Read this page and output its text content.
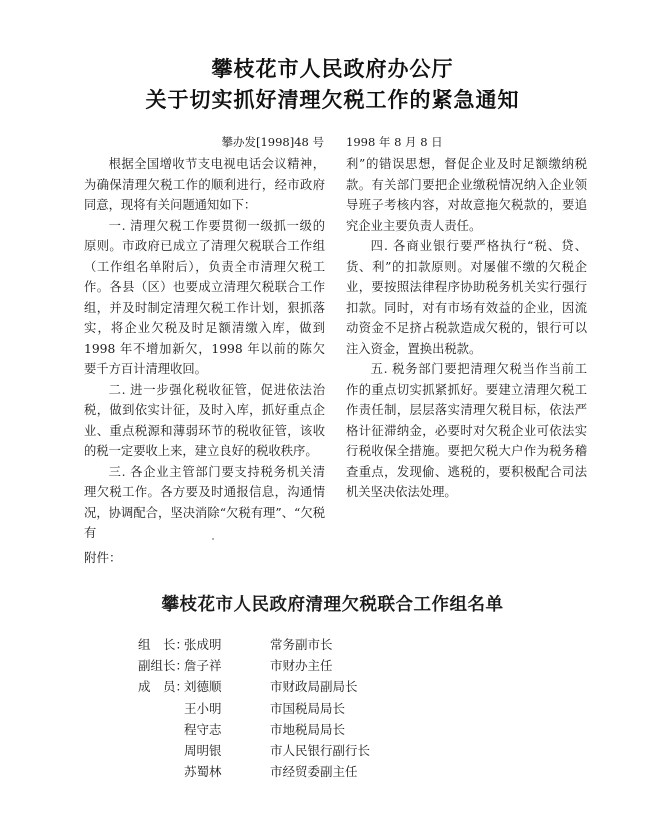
攀枝花市人民政府办公厅
关于切实抓好清理欠税工作的紧急通知
攀办发[1998]48 号 1998 年 8 月 8 日

根据全国增收节支电视电话会议精神，为确保清理欠税工作的顺利进行，经市政府同意，现将有关问题通知如下：

一. 清理欠税工作要贯彻一级抓一级的原则。市政府已成立了清理欠税联合工作组（工作组名单附后），负责全市清理欠税工作。各县（区）也要成立清理欠税联合工作组，并及时制定清理欠税工作计划，狠抓落实，将企业欠税及时足额清缴入库，做到 1998 年不增加新欠，1998 年以前的陈欠要千方百计清理收回。

二. 进一步强化税收征管，促进依法治税，做到依实计征，及时入库，抓好重点企业、重点税源和薄弱环节的税收征管，该收的税一定要收上来，建立良好的税收秩序。

三. 各企业主管部门要支持税务机关清理欠税工作。各方要及时通报信息，沟通情况，协调配合，坚决消除“欠税有理”、“欠税有

利”的错误思想，督促企业及时足额缴纳税款。有关部门要把企业缴税情况纳入企业领导班子考核内容，对故意拖欠税款的，要追究企业主要负责人责任。

四. 各商业银行要严格执行“税、贷、货、利”的扣款原则。对屡催不缴的欠税企业，要按照法律程序协助税务机关实行强行扣款。同时，对有市场有效益的企业，因流动资金不足挤占税款造成欠税的，银行可以注入资金，置换出税款。

五. 税务部门要把清理欠税当作当前工作的重点切实抓紧抓好。要建立清理欠税工作责任制，层层落实清理欠税目标，依法严格计征滞纳金，必要时对欠税企业可依法实行税收保全措施。要把欠税大户作为税务稽查重点，发现偷、逃税的，要积极配合司法机关坚决依法处理。

附件：
攀枝花市人民政府清理欠税联合工作组名单
组　长：
张成明	常务副市长
副组长：
詹子祥	市财办主任
成　员：
刘德顺	市财政局副局长
王小明	市国税局局长
程守志	市地税局局长
周明银	市人民银行副行长
苏蜀林	市经贸委副主任
